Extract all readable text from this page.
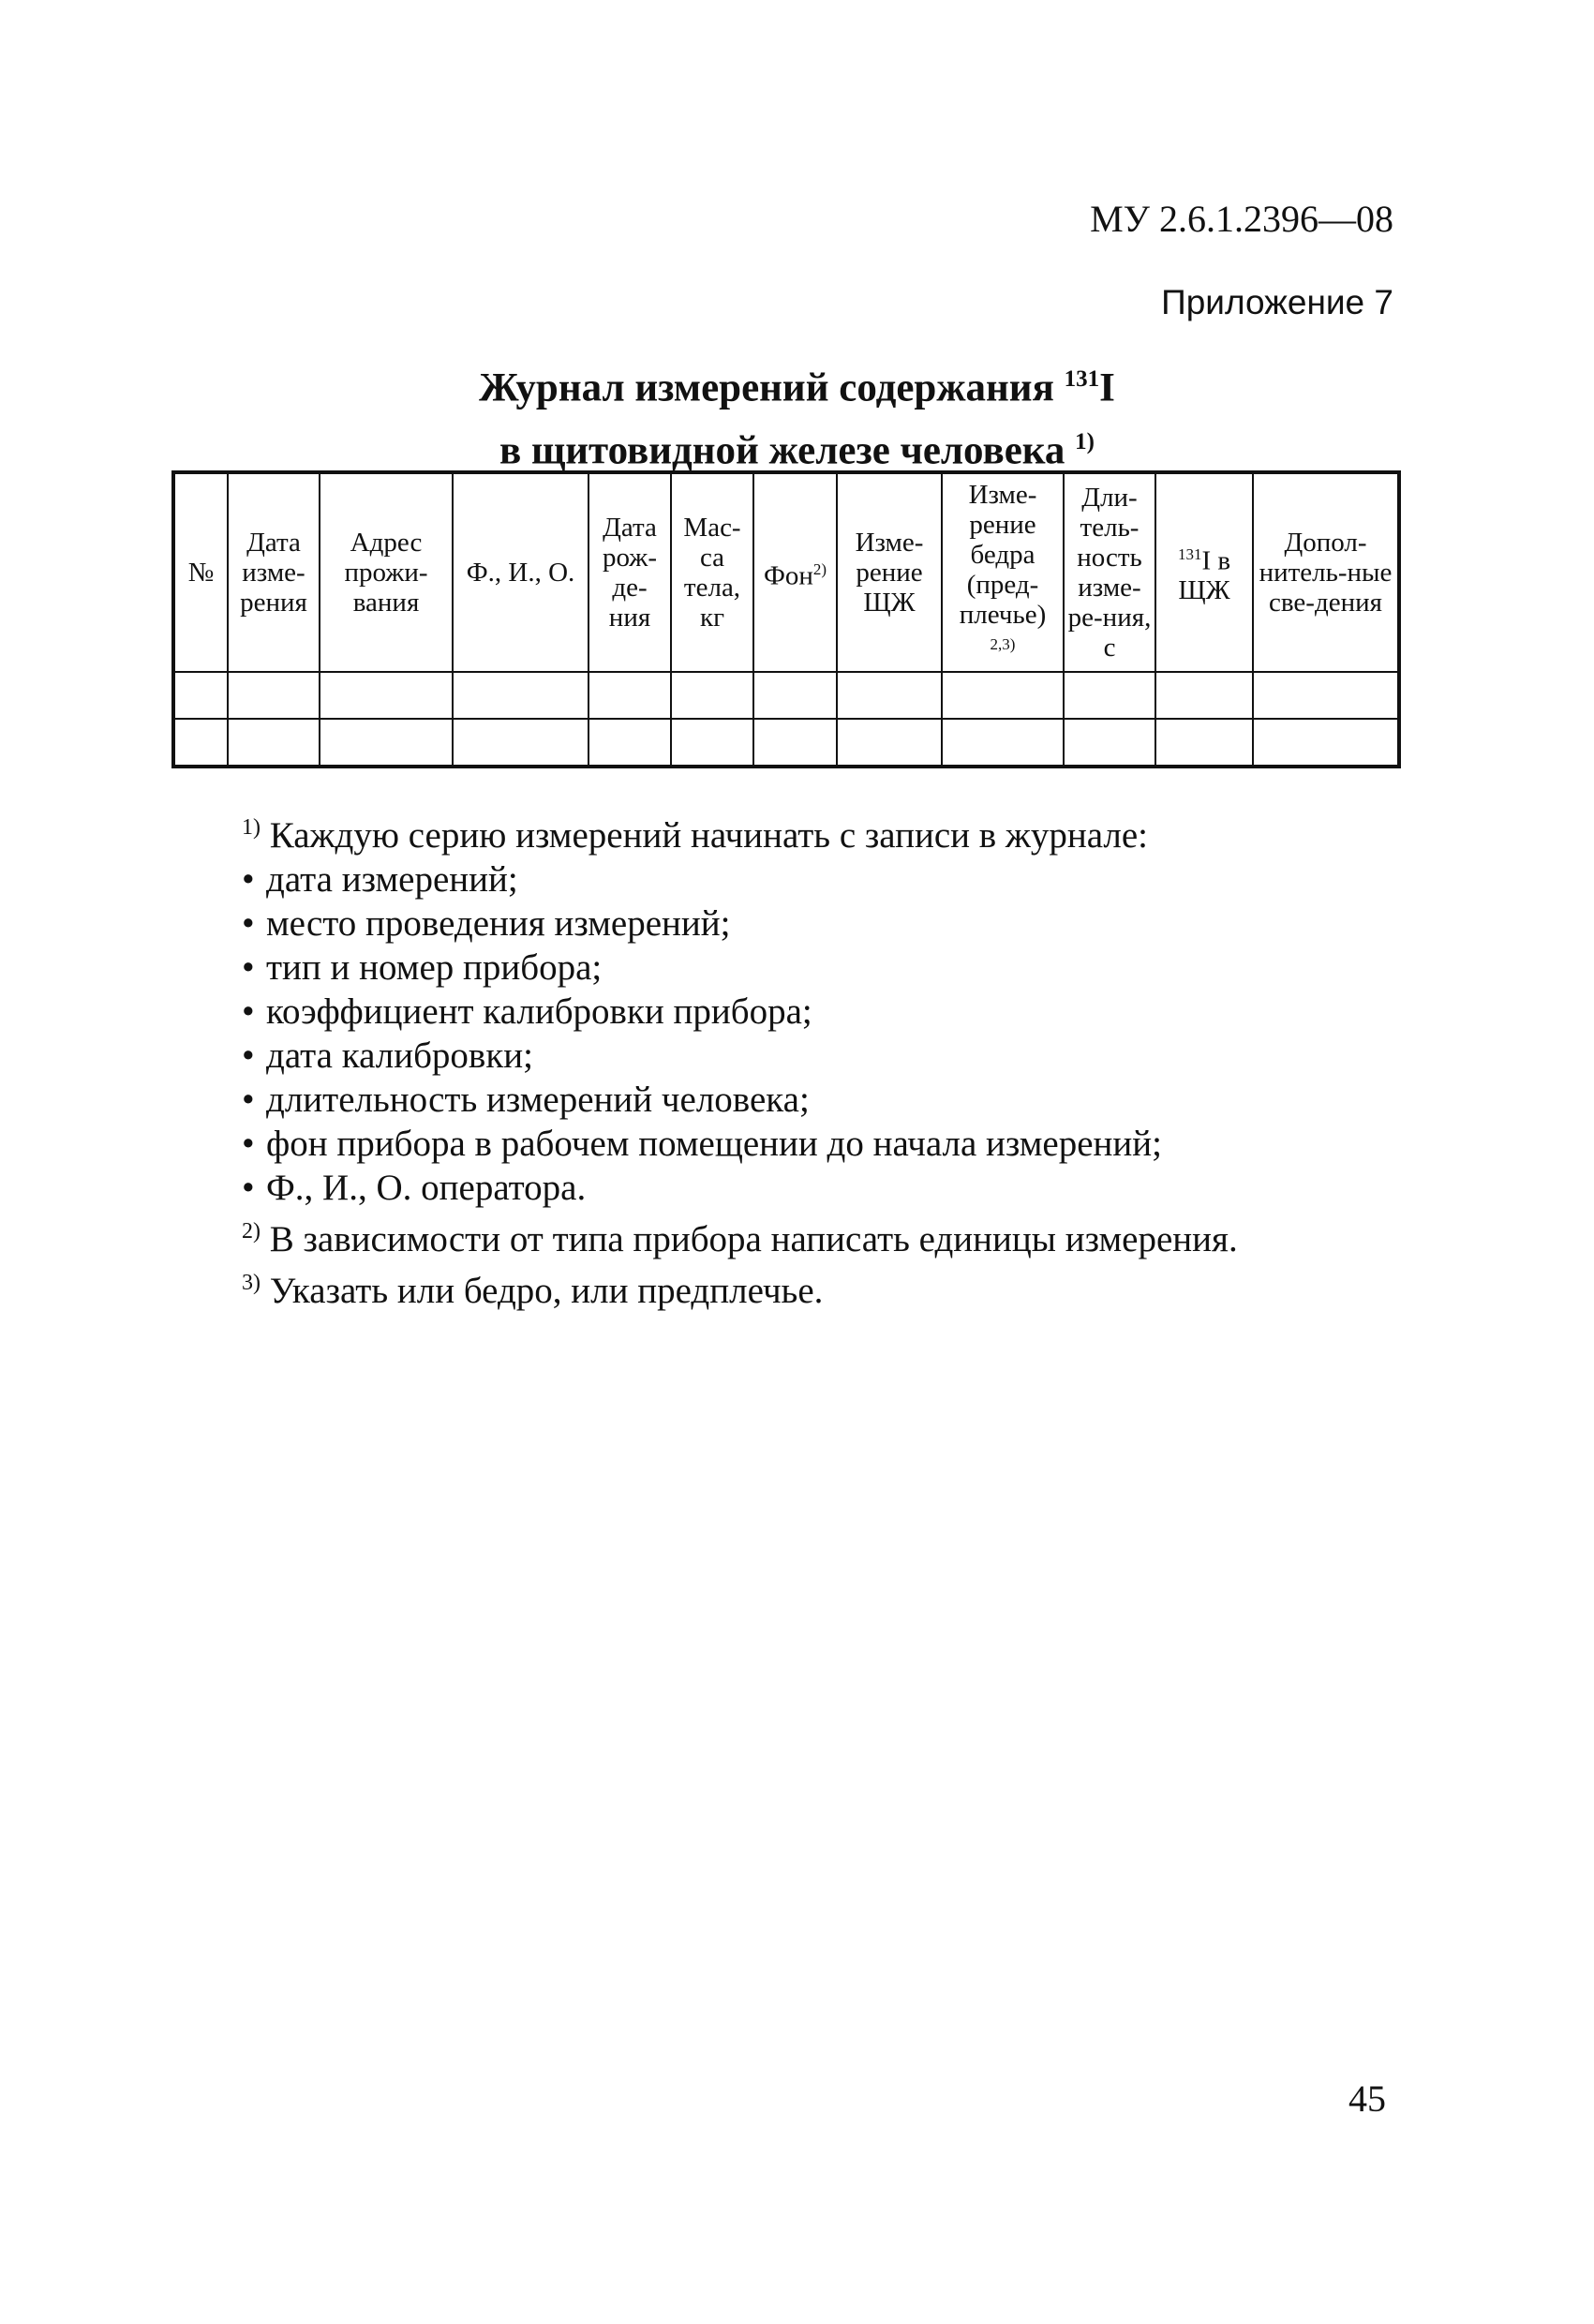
МУ 2.6.1.2396—08
Приложение 7
Журнал измерений содержания $^{131}$I
в щитовидной железе человека $^{1)}$
№	Дата изме-рения	Адрес прожи-вания	Ф., И., О.	Дата рож-де-ния	Мас-са тела, кг	Фон$^{2)}$	Изме-рение ЩЖ	Изме-рение бедра (пред-плечье) $^{2,3)}$	Дли-тель-ность изме-ре-ния, с	$^{131}$I в ЩЖ	Допол-нитель-ные све-дения

$^{1)}$ Каждую серию измерений начинать с записи в журнале:

• дата измерений;

• место проведения измерений;

• тип и номер прибора;

• коэффициент калибровки прибора;

• дата калибровки;

• длительность измерений человека;

• фон прибора в рабочем помещении до начала измерений;

• Ф., И., О. оператора.

$^{2)}$ В зависимости от типа прибора написать единицы измерения.

$^{3)}$ Указать или бедро, или предплечье.

45
